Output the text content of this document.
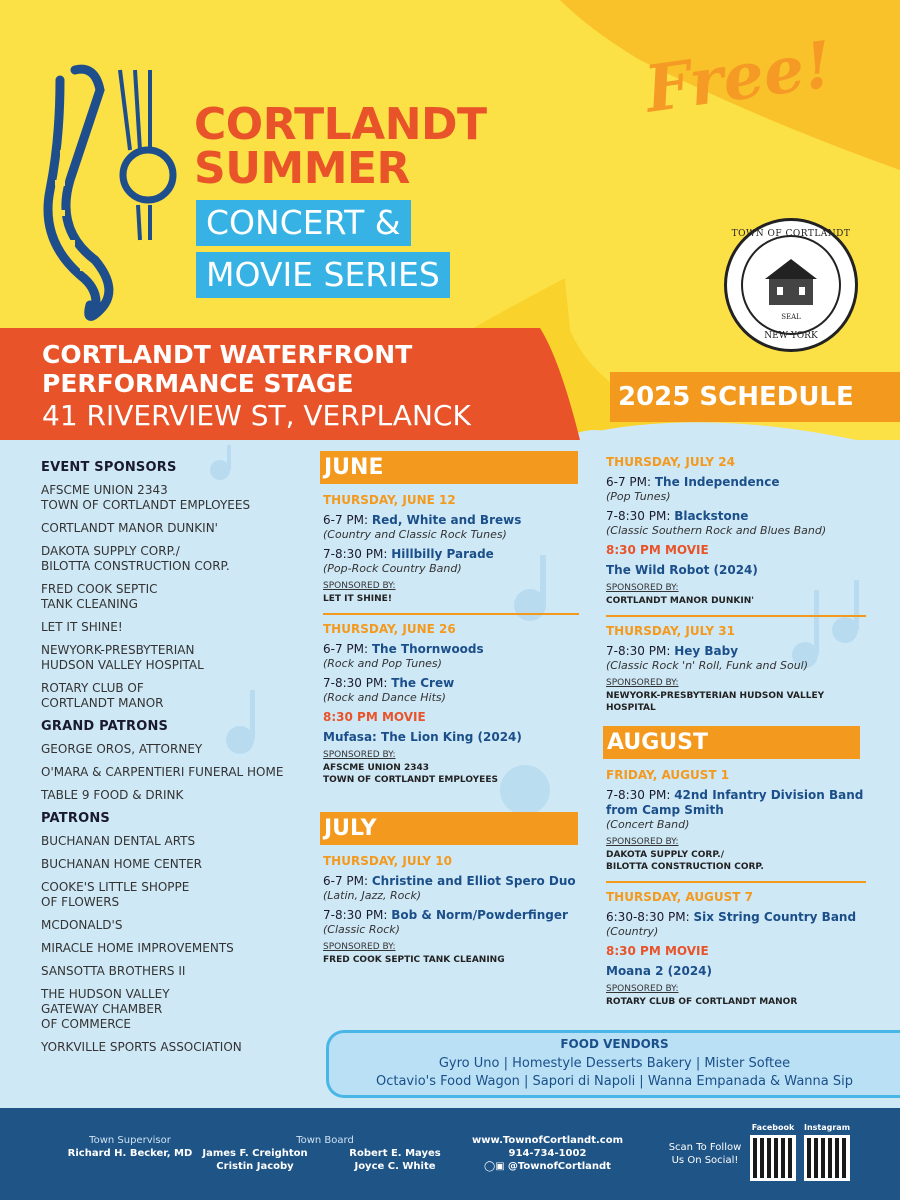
Free!
CORTLANDT
SUMMER
CONCERT &
MOVIE SERIES
TOWN OF CORTLANDT
SEAL
NEW YORK
CORTLANDT WATERFRONT
PERFORMANCE STAGE
41 RIVERVIEW ST, VERPLANCK
2025 SCHEDULE
EVENT SPONSORS
AFSCME UNION 2343
TOWN OF CORTLANDT EMPLOYEES
CORTLANDT MANOR DUNKIN'
DAKOTA SUPPLY CORP./
BILOTTA CONSTRUCTION CORP.
FRED COOK SEPTIC
TANK CLEANING
LET IT SHINE!
NEWYORK-PRESBYTERIAN
HUDSON VALLEY HOSPITAL
ROTARY CLUB OF
CORTLANDT MANOR
GRAND PATRONS
GEORGE OROS, ATTORNEY
O'MARA & CARPENTIERI FUNERAL HOME
TABLE 9 FOOD & DRINK
PATRONS
BUCHANAN DENTAL ARTS
BUCHANAN HOME CENTER
COOKE'S LITTLE SHOPPE
OF FLOWERS
MCDONALD'S
MIRACLE HOME IMPROVEMENTS
SANSOTTA BROTHERS II
THE HUDSON VALLEY
GATEWAY CHAMBER
OF COMMERCE
YORKVILLE SPORTS ASSOCIATION
JUNE
THURSDAY, JUNE 12
6-7 PM: Red, White and Brews
(Country and Classic Rock Tunes)
7-8:30 PM: Hillbilly Parade
(Pop-Rock Country Band)
SPONSORED BY:
LET IT SHINE!
THURSDAY, JUNE 26
6-7 PM: The Thornwoods
(Rock and Pop Tunes)
7-8:30 PM: The Crew
(Rock and Dance Hits)
8:30 PM MOVIE
Mufasa: The Lion King (2024)
SPONSORED BY:
AFSCME UNION 2343
TOWN OF CORTLANDT EMPLOYEES
JULY
THURSDAY, JULY 10
6-7 PM: Christine and Elliot Spero Duo
(Latin, Jazz, Rock)
7-8:30 PM: Bob & Norm/Powderfinger
(Classic Rock)
SPONSORED BY:
FRED COOK SEPTIC TANK CLEANING
THURSDAY, JULY 24
6-7 PM: The Independence
(Pop Tunes)
7-8:30 PM: Blackstone
(Classic Southern Rock and Blues Band)
8:30 PM MOVIE
The Wild Robot (2024)
SPONSORED BY:
CORTLANDT MANOR DUNKIN'
THURSDAY, JULY 31
7-8:30 PM: Hey Baby
(Classic Rock 'n' Roll, Funk and Soul)
SPONSORED BY:
NEWYORK-PRESBYTERIAN HUDSON VALLEY HOSPITAL
AUGUST
FRIDAY, AUGUST 1
7-8:30 PM: 42nd Infantry Division Band from Camp Smith
(Concert Band)
SPONSORED BY:
DAKOTA SUPPLY CORP./
BILOTTA CONSTRUCTION CORP.
THURSDAY, AUGUST 7
6:30-8:30 PM: Six String Country Band
(Country)
8:30 PM MOVIE
Moana 2 (2024)
SPONSORED BY:
ROTARY CLUB OF CORTLANDT MANOR
FOOD VENDORS
Gyro Uno | Homestyle Desserts Bakery | Mister Softee
Octavio's Food Wagon | Sapori di Napoli | Wanna Empanada & Wanna Sip
Town Supervisor
Richard H. Becker, MD
Town Board
James F. Creighton
Cristin Jacoby
Robert E. Mayes
Joyce C. White
www.TownofCortlandt.com
914-734-1002
◯▣ @TownofCortlandt
Scan To Follow
Us On Social!
Facebook	Instagram
